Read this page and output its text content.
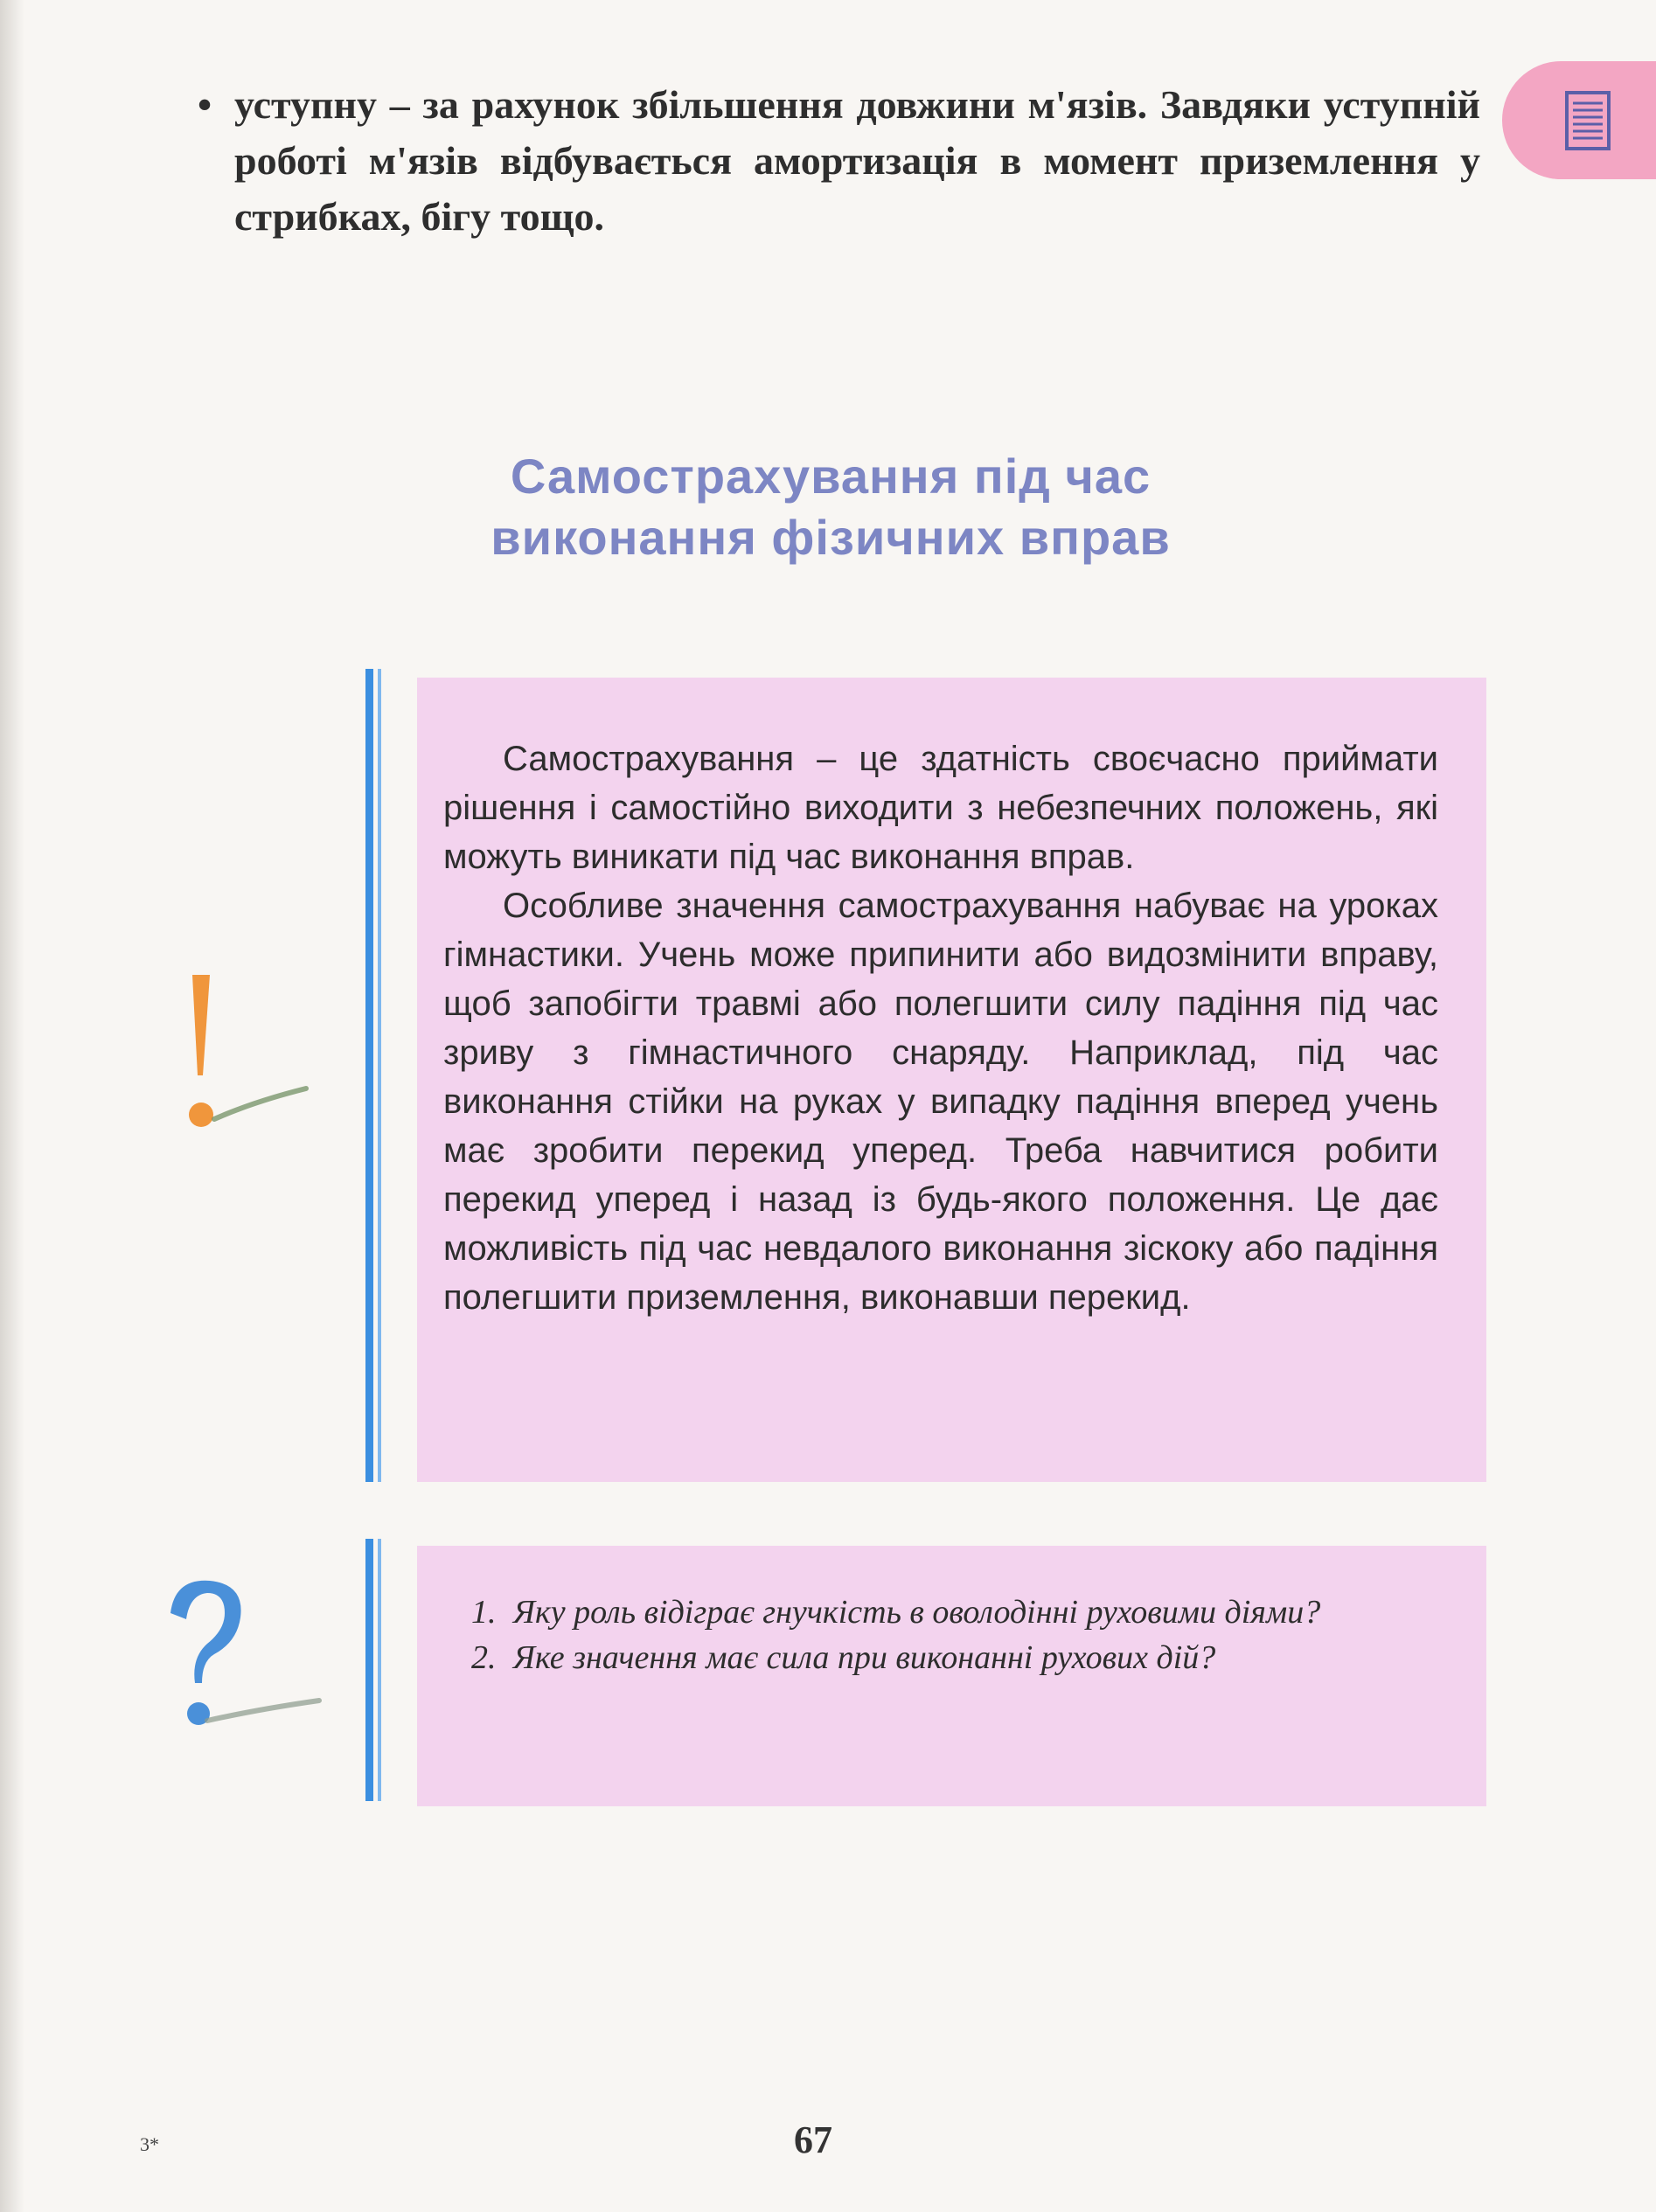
• уступну – за рахунок збільшення довжини м'язів. Завдяки уступній роботі м'язів відбувається амортизація в момент приземлення у стрибках, бігу тощо.
Самострахування під час
виконання фізичних вправ

Самострахування – це здатність своєчасно приймати рішення і самостійно виходити з небезпечних положень, які можуть виникати під час виконання вправ.

Особливе значення самострахування набуває на уроках гімнастики. Учень може припинити або видозмінити вправу, щоб запобігти травмі або полегшити силу падіння під час зриву з гімнастичного снаряду. Наприклад, під час виконання стійки на руках у випадку падіння вперед учень має зробити перекид уперед. Треба навчитися робити перекид уперед і назад із будь-якого положення. Це дає можливість під час невдалого виконання зіскоку або падіння полегшити приземлення, виконавши перекид.

1. Яку роль відіграє гнучкість в оволодінні руховими діями?
2. Яке значення має сила при виконанні рухових дій?
3*	67
